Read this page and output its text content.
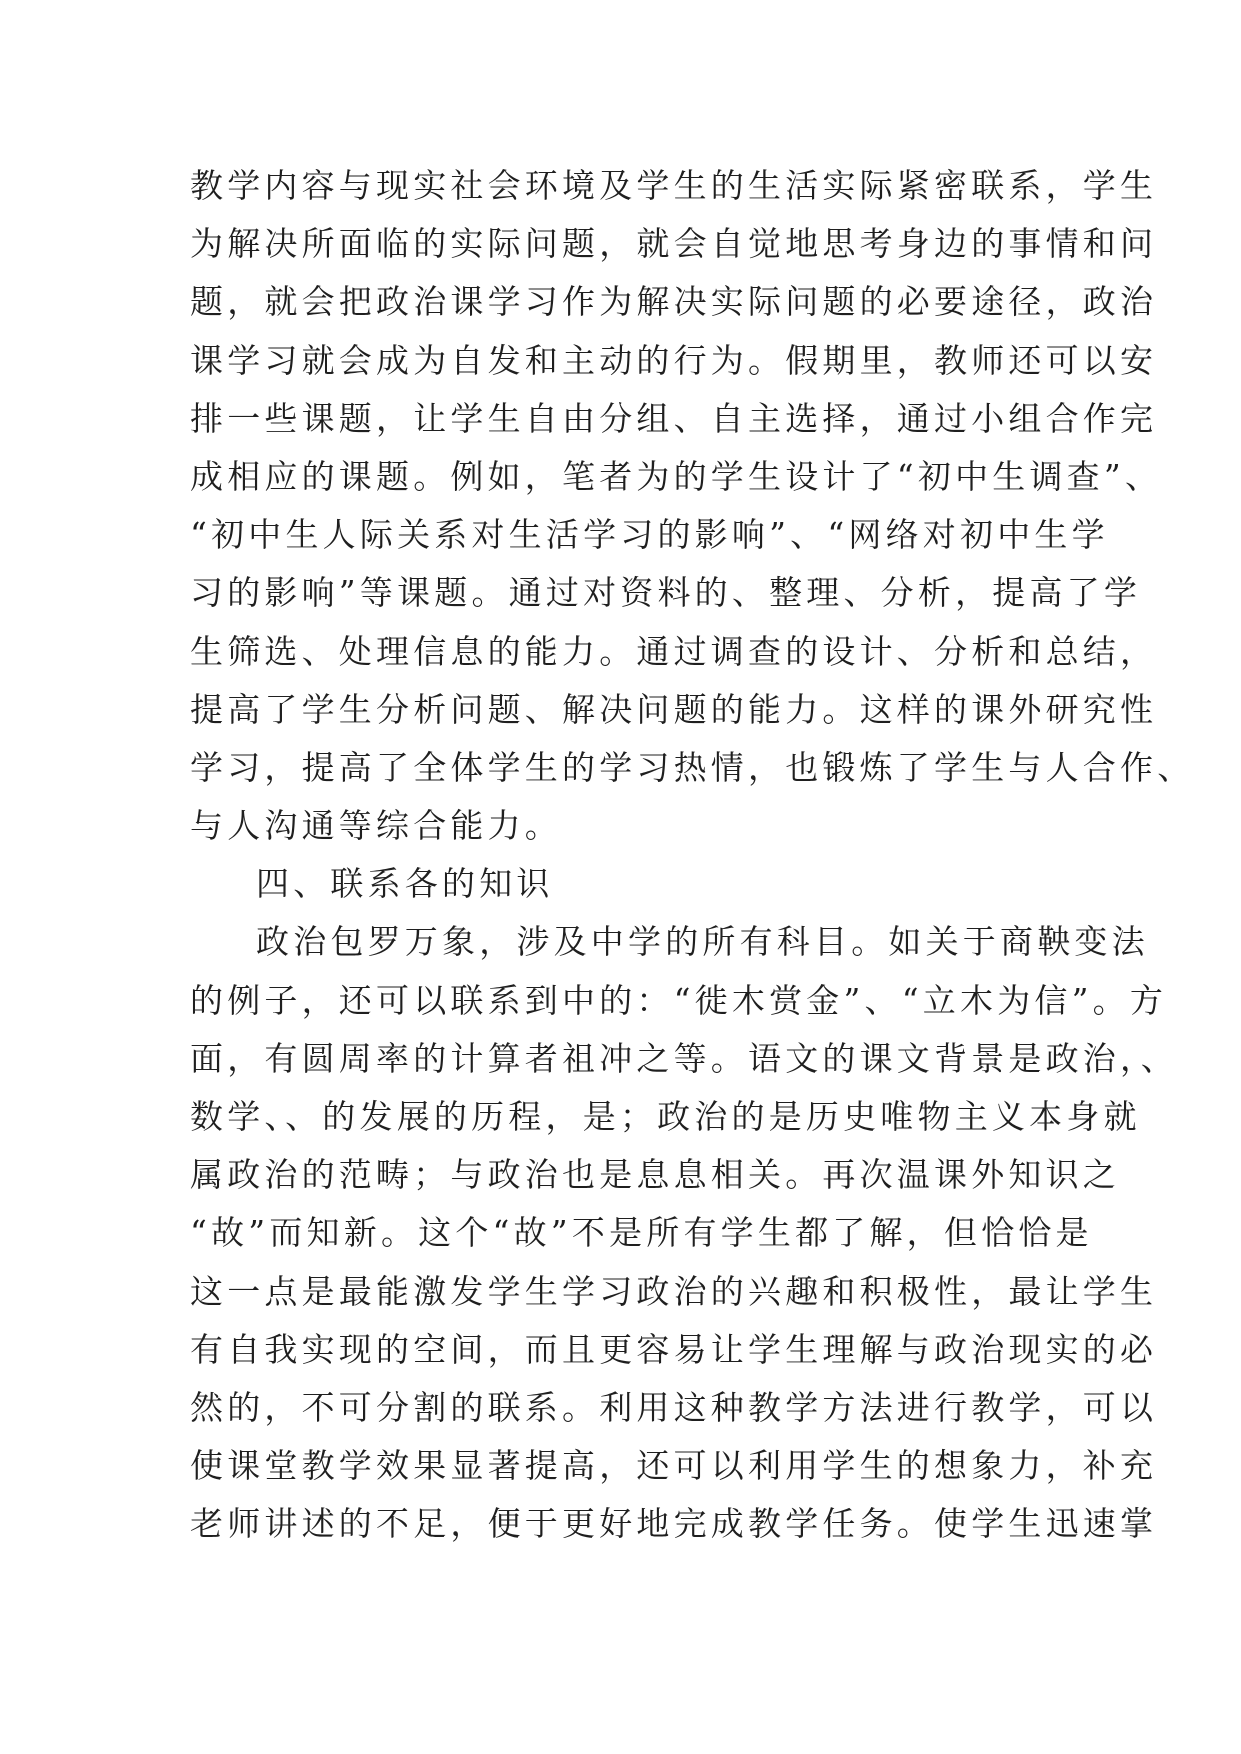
教学内容与现实社会环境及学生的生活实际紧密联系，学生
为解决所面临的实际问题，就会自觉地思考身边的事情和问
题，就会把政治课学习作为解决实际问题的必要途径，政治
课学习就会成为自发和主动的行为。假期里，教师还可以安
排一些课题，让学生自由分组、自主选择，通过小组合作完
成相应的课题。例如，笔者为的学生设计了“初中生调查”、
“初中生人际关系对生活学习的影响”、“网络对初中生学
习的影响”等课题。通过对资料的、整理、分析，提高了学
生筛选、处理信息的能力。通过调查的设计、分析和总结，
提高了学生分析问题、解决问题的能力。这样的课外研究性
学习，提高了全体学生的学习热情，也锻炼了学生与人合作、
与人沟通等综合能力。
四、联系各的知识
政治包罗万象，涉及中学的所有科目。如关于商鞅变法
的例子，还可以联系到中的：“徙木赏金”、“立木为信”。方
面，有圆周率的计算者祖冲之等。语文的课文背景是政治，、
数学、、的发展的历程，是；政治的是历史唯物主义本身就
属政治的范畴；与政治也是息息相关。再次温课外知识之
“故”而知新。这个“故”不是所有学生都了解，但恰恰是
这一点是最能激发学生学习政治的兴趣和积极性，最让学生
有自我实现的空间，而且更容易让学生理解与政治现实的必
然的，不可分割的联系。利用这种教学方法进行教学，可以
使课堂教学效果显著提高，还可以利用学生的想象力，补充
老师讲述的不足，便于更好地完成教学任务。使学生迅速掌
